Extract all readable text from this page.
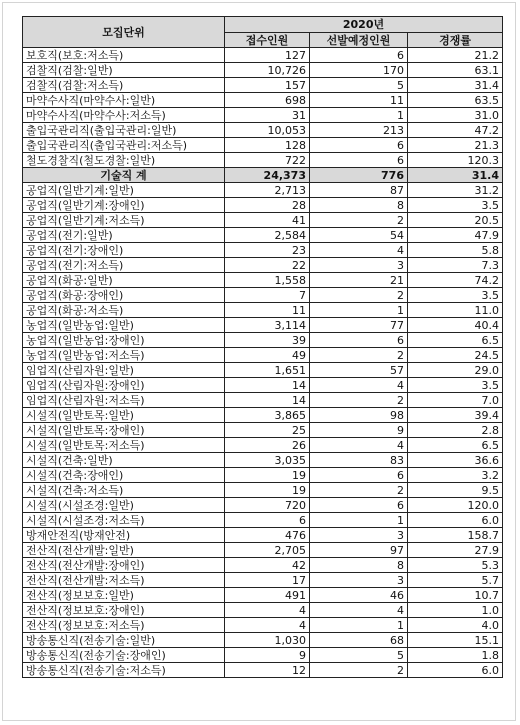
모집단위	2020년		
	접수인원	선발예정인원	경쟁률
보호직(보호:저소득)	127	6	21.2
검찰직(검찰:일반)	10,726	170	63.1
검찰직(검찰:저소득)	157	5	31.4
마약수사직(마약수사:일반)	698	11	63.5
마약수사직(마약수사:저소득)	31	1	31.0
출입국관리직(출입국관리:일반)	10,053	213	47.2
출입국관리직(출입국관리:저소득)	128	6	21.3
철도경찰직(철도경찰:일반)	722	6	120.3
기술직 계	24,373	776	31.4
공업직(일반기계:일반)	2,713	87	31.2
공업직(일반기계:장애인)	28	8	3.5
공업직(일반기계:저소득)	41	2	20.5
공업직(전기:일반)	2,584	54	47.9
공업직(전기:장애인)	23	4	5.8
공업직(전기:저소득)	22	3	7.3
공업직(화공:일반)	1,558	21	74.2
공업직(화공:장애인)	7	2	3.5
공업직(화공:저소득)	11	1	11.0
농업직(일반농업:일반)	3,114	77	40.4
농업직(일반농업:장애인)	39	6	6.5
농업직(일반농업:저소득)	49	2	24.5
임업직(산림자원:일반)	1,651	57	29.0
임업직(산림자원:장애인)	14	4	3.5
임업직(산림자원:저소득)	14	2	7.0
시설직(일반토목:일반)	3,865	98	39.4
시설직(일반토목:장애인)	25	9	2.8
시설직(일반토목:저소득)	26	4	6.5
시설직(건축:일반)	3,035	83	36.6
시설직(건축:장애인)	19	6	3.2
시설직(건축:저소득)	19	2	9.5
시설직(시설조경:일반)	720	6	120.0
시설직(시설조경:저소득)	6	1	6.0
방재안전직(방재안전)	476	3	158.7
전산직(전산개발:일반)	2,705	97	27.9
전산직(전산개발:장애인)	42	8	5.3
전산직(전산개발:저소득)	17	3	5.7
전산직(정보보호:일반)	491	46	10.7
전산직(정보보호:장애인)	4	4	1.0
전산직(정보보호:저소득)	4	1	4.0
방송통신직(전송기술:일반)	1,030	68	15.1
방송통신직(전송기술:장애인)	9	5	1.8
방송통신직(전송기술:저소득)	12	2	6.0
